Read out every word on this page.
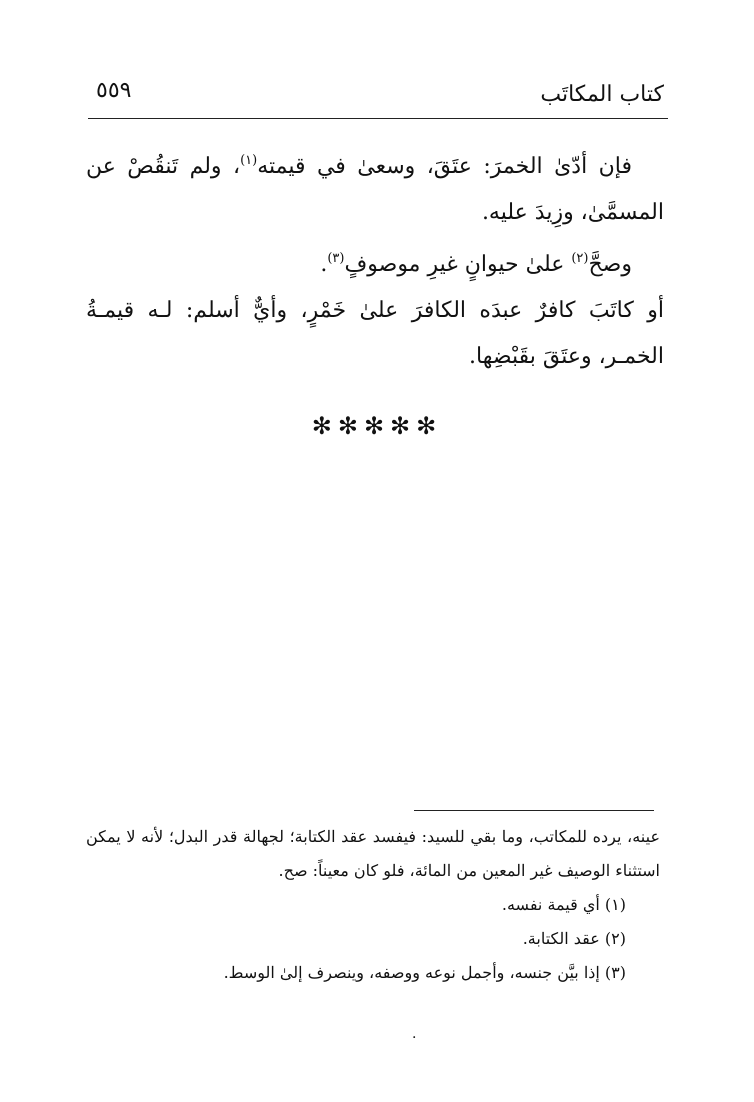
كتاب المكاتَب
٥٥٩

فإن أدّىٰ الخمرَ: عتَقَ، وسعىٰ في قيمته$^{(١)}$، ولم تَنقُصْ عن المسمَّىٰ، وزِيدَ عليه.

وصحَّ$^{(٢)}$ علىٰ حيوانٍ غيرِ موصوفٍ$^{(٣)}$.

أو كاتَبَ كافرٌ عبدَه الكافرَ علىٰ خَمْرٍ، وأيٌّ أسلم: لـه قيمـةُ الخمـر، وعتَقَ بقَبْضِها.

✻✻✻✻✻

عينه، يرده للمكاتب، وما بقي للسيد: فيفسد عقد الكتابة؛ لجهالة قدر البدل؛ لأنه لا يمكن استثناء الوصيف غير المعين من المائة، فلو كان معيناً: صح.

(١) أي قيمة نفسه.

(٢) عقد الكتابة.

(٣) إذا بيَّن جنسه، وأجمل نوعه ووصفه، وينصرف إلىٰ الوسط.

·
